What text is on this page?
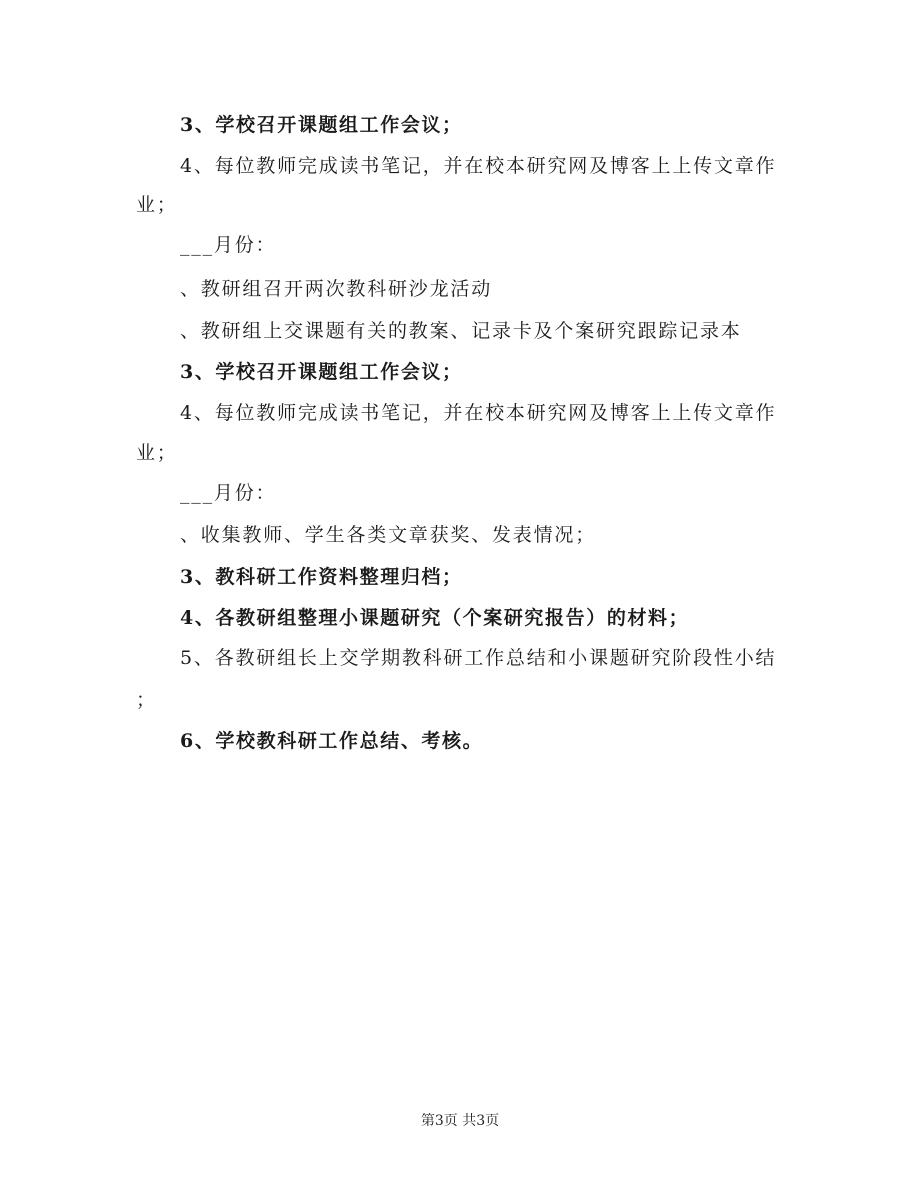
3、学校召开课题组工作会议；
4、每位教师完成读书笔记，并在校本研究网及博客上上传文章作
业；
___月份：
、教研组召开两次教科研沙龙活动
、教研组上交课题有关的教案、记录卡及个案研究跟踪记录本
3、学校召开课题组工作会议；
4、每位教师完成读书笔记，并在校本研究网及博客上上传文章作
业；
___月份：
、收集教师、学生各类文章获奖、发表情况；
3、教科研工作资料整理归档；
4、各教研组整理小课题研究（个案研究报告）的材料；
5、各教研组长上交学期教科研工作总结和小课题研究阶段性小结
；
6、学校教科研工作总结、考核。
第3页 共3页
